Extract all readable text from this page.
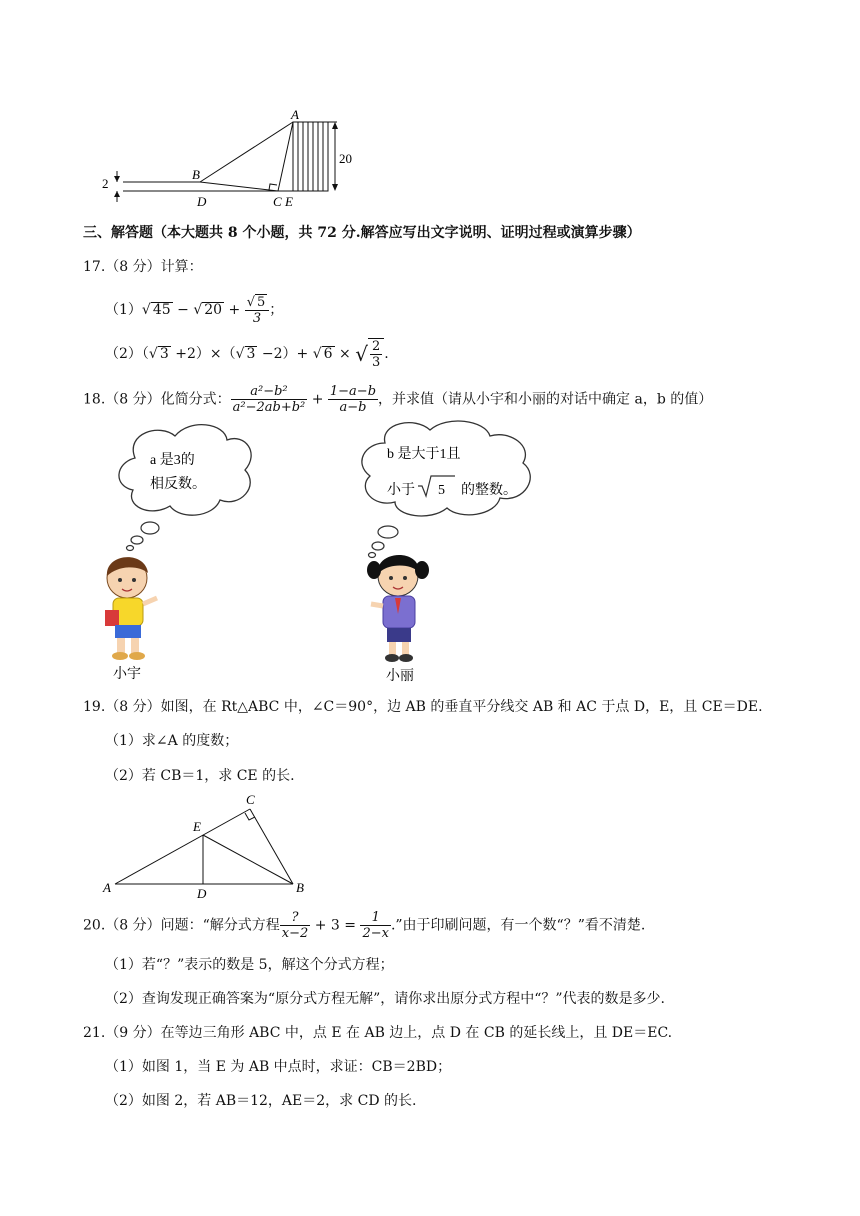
A
B
D	C E
20
2
三、解答题（本大题共 8 个小题，共 72 分.解答应写出文字说明、证明过程或演算步骤）
17.（8 分）计算：
（1）√ 45 − √ $20 + \frac{√ 5}{3}$ ；
（2）（√ 3 +2）×（√ 3 −2）+ √ 6 × √ $\frac{2}{3}$ .
18.（8 分）化简分式： $\frac{\text{a²−b²}}{\text{a²−2ab+b²}} + \frac{1-a-b}{a-b}$ ，并求值（请从小宇和小丽的对话中确定 a，b 的值）
a 是3的
相反数。
b 是大于1且
小于 5 的整数。
小宇	小丽
19.（8 分）如图，在 Rt△ABC 中，∠C＝90°，边 AB 的垂直平分线交 AB 和 AC 于点 D，E，且 CE＝DE.
（1）求∠A 的度数；
（2）若 CB＝1，求 CE 的长.
A	B
C
D
E
20.（8 分）问题：“解分式方程 $\frac{?}{x-2} + 3 = \frac{1}{2-x}$ .”由于印刷问题，有一个数“？”看不清楚.
（1）若“？”表示的数是 5，解这个分式方程；
（2）查询发现正确答案为“原分式方程无解”，请你求出原分式方程中“？”代表的数是多少.
21.（9 分）在等边三角形 ABC 中，点 E 在 AB 边上，点 D 在 CB 的延长线上，且 DE＝EC.
（1）如图 1，当 E 为 AB 中点时，求证：CB＝2BD；
（2）如图 2，若 AB＝12，AE＝2，求 CD 的长.
